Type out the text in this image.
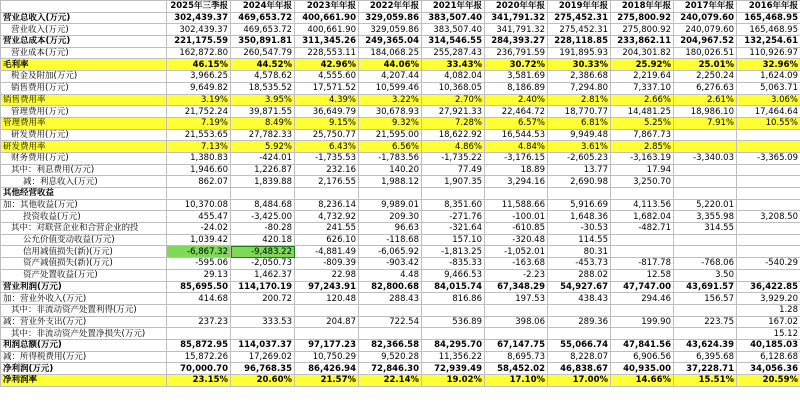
	2025年三季报	2024年年报	2023年年报	2022年年报	2021年年报	2020年年报	2019年年报	2018年年报	2017年年报	2016年年报
营业总收入(万元)	302,439.37	469,653.72	400,661.90	329,059.86	383,507.40	341,791.32	275,452.31	275,800.92	240,079.60	165,468.95
营业收入(万元)	302,439.37	469,653.72	400,661.90	329,059.86	383,507.40	341,791.32	275,452.31	275,800.92	240,079.60	165,468.95
营业总成本(万元)	221,175.59	350,891.81	311,345.26	249,365.04	314,546.55	284,393.27	228,118.85	233,862.11	204,967.52	132,254.61
营业成本(万元)	162,872.80	260,547.79	228,553.11	184,068.25	255,287.43	236,791.59	191,895.93	204,301.82	180,026.51	110,926.97
毛利率	46.15%	44.52%	42.96%	44.06%	33.43%	30.72%	30.33%	25.92%	25.01%	32.96%
税金及附加(万元)	3,966.25	4,578.62	4,555.60	4,207.44	4,082.04	3,581.69	2,386.68	2,219.64	2,250.24	1,624.09
销售费用(万元)	9,649.82	18,535.52	17,571.52	10,599.46	10,368.05	8,186.89	7,294.80	7,337.10	6,276.63	5,063.71
销售费用率	3.19%	3.95%	4.39%	3.22%	2.70%	2.40%	2.81%	2.66%	2.61%	3.06%
管理费用(万元)	21,752.24	39,871.55	36,649.79	30,678.93	27,921.33	22,464.72	18,770.77	14,481.25	18,986.10	17,464.64
管理费用率	7.19%	8.49%	9.15%	9.32%	7.28%	6.57%	6.81%	5.25%	7.91%	10.55%
研发费用(万元)	21,553.65	27,782.33	25,750.77	21,595.00	18,622.92	16,544.53	9,949.48	7,867.73		
研发费用率	7.13%	5.92%	6.43%	6.56%	4.86%	4.84%	3.61%	2.85%		
财务费用(万元)	1,380.83	-424.01	-1,735.53	-1,783.56	-1,735.22	-3,176.15	-2,605.23	-3,163.19	-3,340.03	-3,365.09
其中：利息费用(万元)	1,946.60	1,226.87	232.16	140.20	77.49	18.89	13.77	17.94		
减：利息收入(万元)	862.07	1,839.88	2,176.55	1,988.12	1,907.35	3,294.16	2,690.98	3,250.70		
其他经营收益										
加：其他收益(万元)	10,370.08	8,484.68	8,236.14	9,989.01	8,351.60	11,588.66	5,916.69	4,113.56	5,220.01	
投资收益(万元)	455.47	-3,425.00	4,732.92	209.30	-271.76	-100.01	1,648.36	1,682.04	3,355.98	3,208.50
其中：对联营企业和合营企业的投	-24.02	-80.28	241.55	96.63	-321.64	-610.85	-30.53	-482.71	314.55	
公允价值变动收益(万元)	1,039.42	420.18	626.10	-118.68	157.10	-320.48	114.55			
信用减值损失(新)(万元)	-6,867.32	-9,483.22	-4,881.49	-6,065.92	-1,813.25	-1,052.01	80.31			
资产减值损失(新)(万元)	-595.06	-2,050.73	-809.39	-903.42	-835.33	-163.68	-453.73	-817.78	-768.06	-540.29
资产处置收益(万元)	29.13	1,462.37	22.98	4.48	9,466.53	-2.23	288.02	12.58	3.50	
营业利润(万元)	85,695.50	114,170.19	97,243.91	82,800.68	84,015.74	67,348.29	54,927.67	47,747.00	43,691.57	36,422.85
加：营业外收入(万元)	414.68	200.72	120.48	288.43	816.86	197.53	438.43	294.46	156.57	3,929.20
其中：非流动资产处置利得(万元)										1.28
减：营业外支出(万元)	237.23	333.53	204.87	722.54	536.89	398.06	289.36	199.90	223.75	167.02
其中：非流动资产处置净损失(万元)										15.12
利润总额(万元)	85,872.95	114,037.37	97,177.23	82,366.58	84,295.70	67,147.75	55,066.74	47,841.56	43,624.39	40,185.03
减：所得税费用(万元)	15,872.26	17,269.02	10,750.29	9,520.28	11,356.22	8,695.73	8,228.07	6,906.56	6,395.68	6,128.68
净利润(万元)	70,000.70	96,768.35	86,426.94	72,846.30	72,939.49	58,452.02	46,838.67	40,935.00	37,228.71	34,056.36
净利润率	23.15%	20.60%	21.57%	22.14%	19.02%	17.10%	17.00%	14.66%	15.51%	20.59%
